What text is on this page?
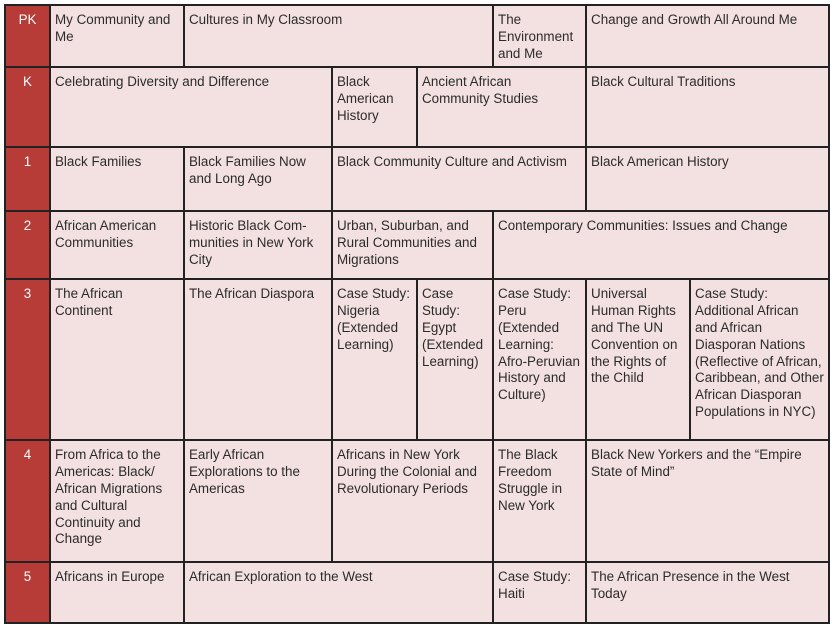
PK	My Community and Me	Cultures in My Classroom			The Environment and Me	Change and Growth All Around Me	
K	Celebrating Diversity and Difference		Black American History	Ancient African Community Studies		Black Cultural Traditions	
1	Black Families	Black Families Now and Long Ago	Black Community Culture and Activism			Black American History	
2	African American Communities	Historic Black Com-munities in New York City	Urban, Suburban, and Rural Communities and Migrations		Contemporary Communities: Issues and Change		
3	The African Continent	The African Diaspora	Case Study: Nigeria (Extended Learning)	Case Study: Egypt (Extended Learning)	Case Study: Peru (Extended Learning: Afro-Peruvian History and Culture)	Universal Human Rights and The UN Convention on the Rights of the Child	Case Study: Additional African and African Diasporan Nations (Reflective of African, Caribbean, and Other African Diasporan Populations in NYC)
4	From Africa to the Americas: Black/ African Migrations and Cultural Continuity and Change	Early African Explorations to the Americas	Africans in New York During the Colonial and Revolutionary Periods		The Black Freedom Struggle in New York	Black New Yorkers and the “Empire State of Mind”	
5	Africans in Europe	African Exploration to the West			Case Study: Haiti	The African Presence in the West Today	
